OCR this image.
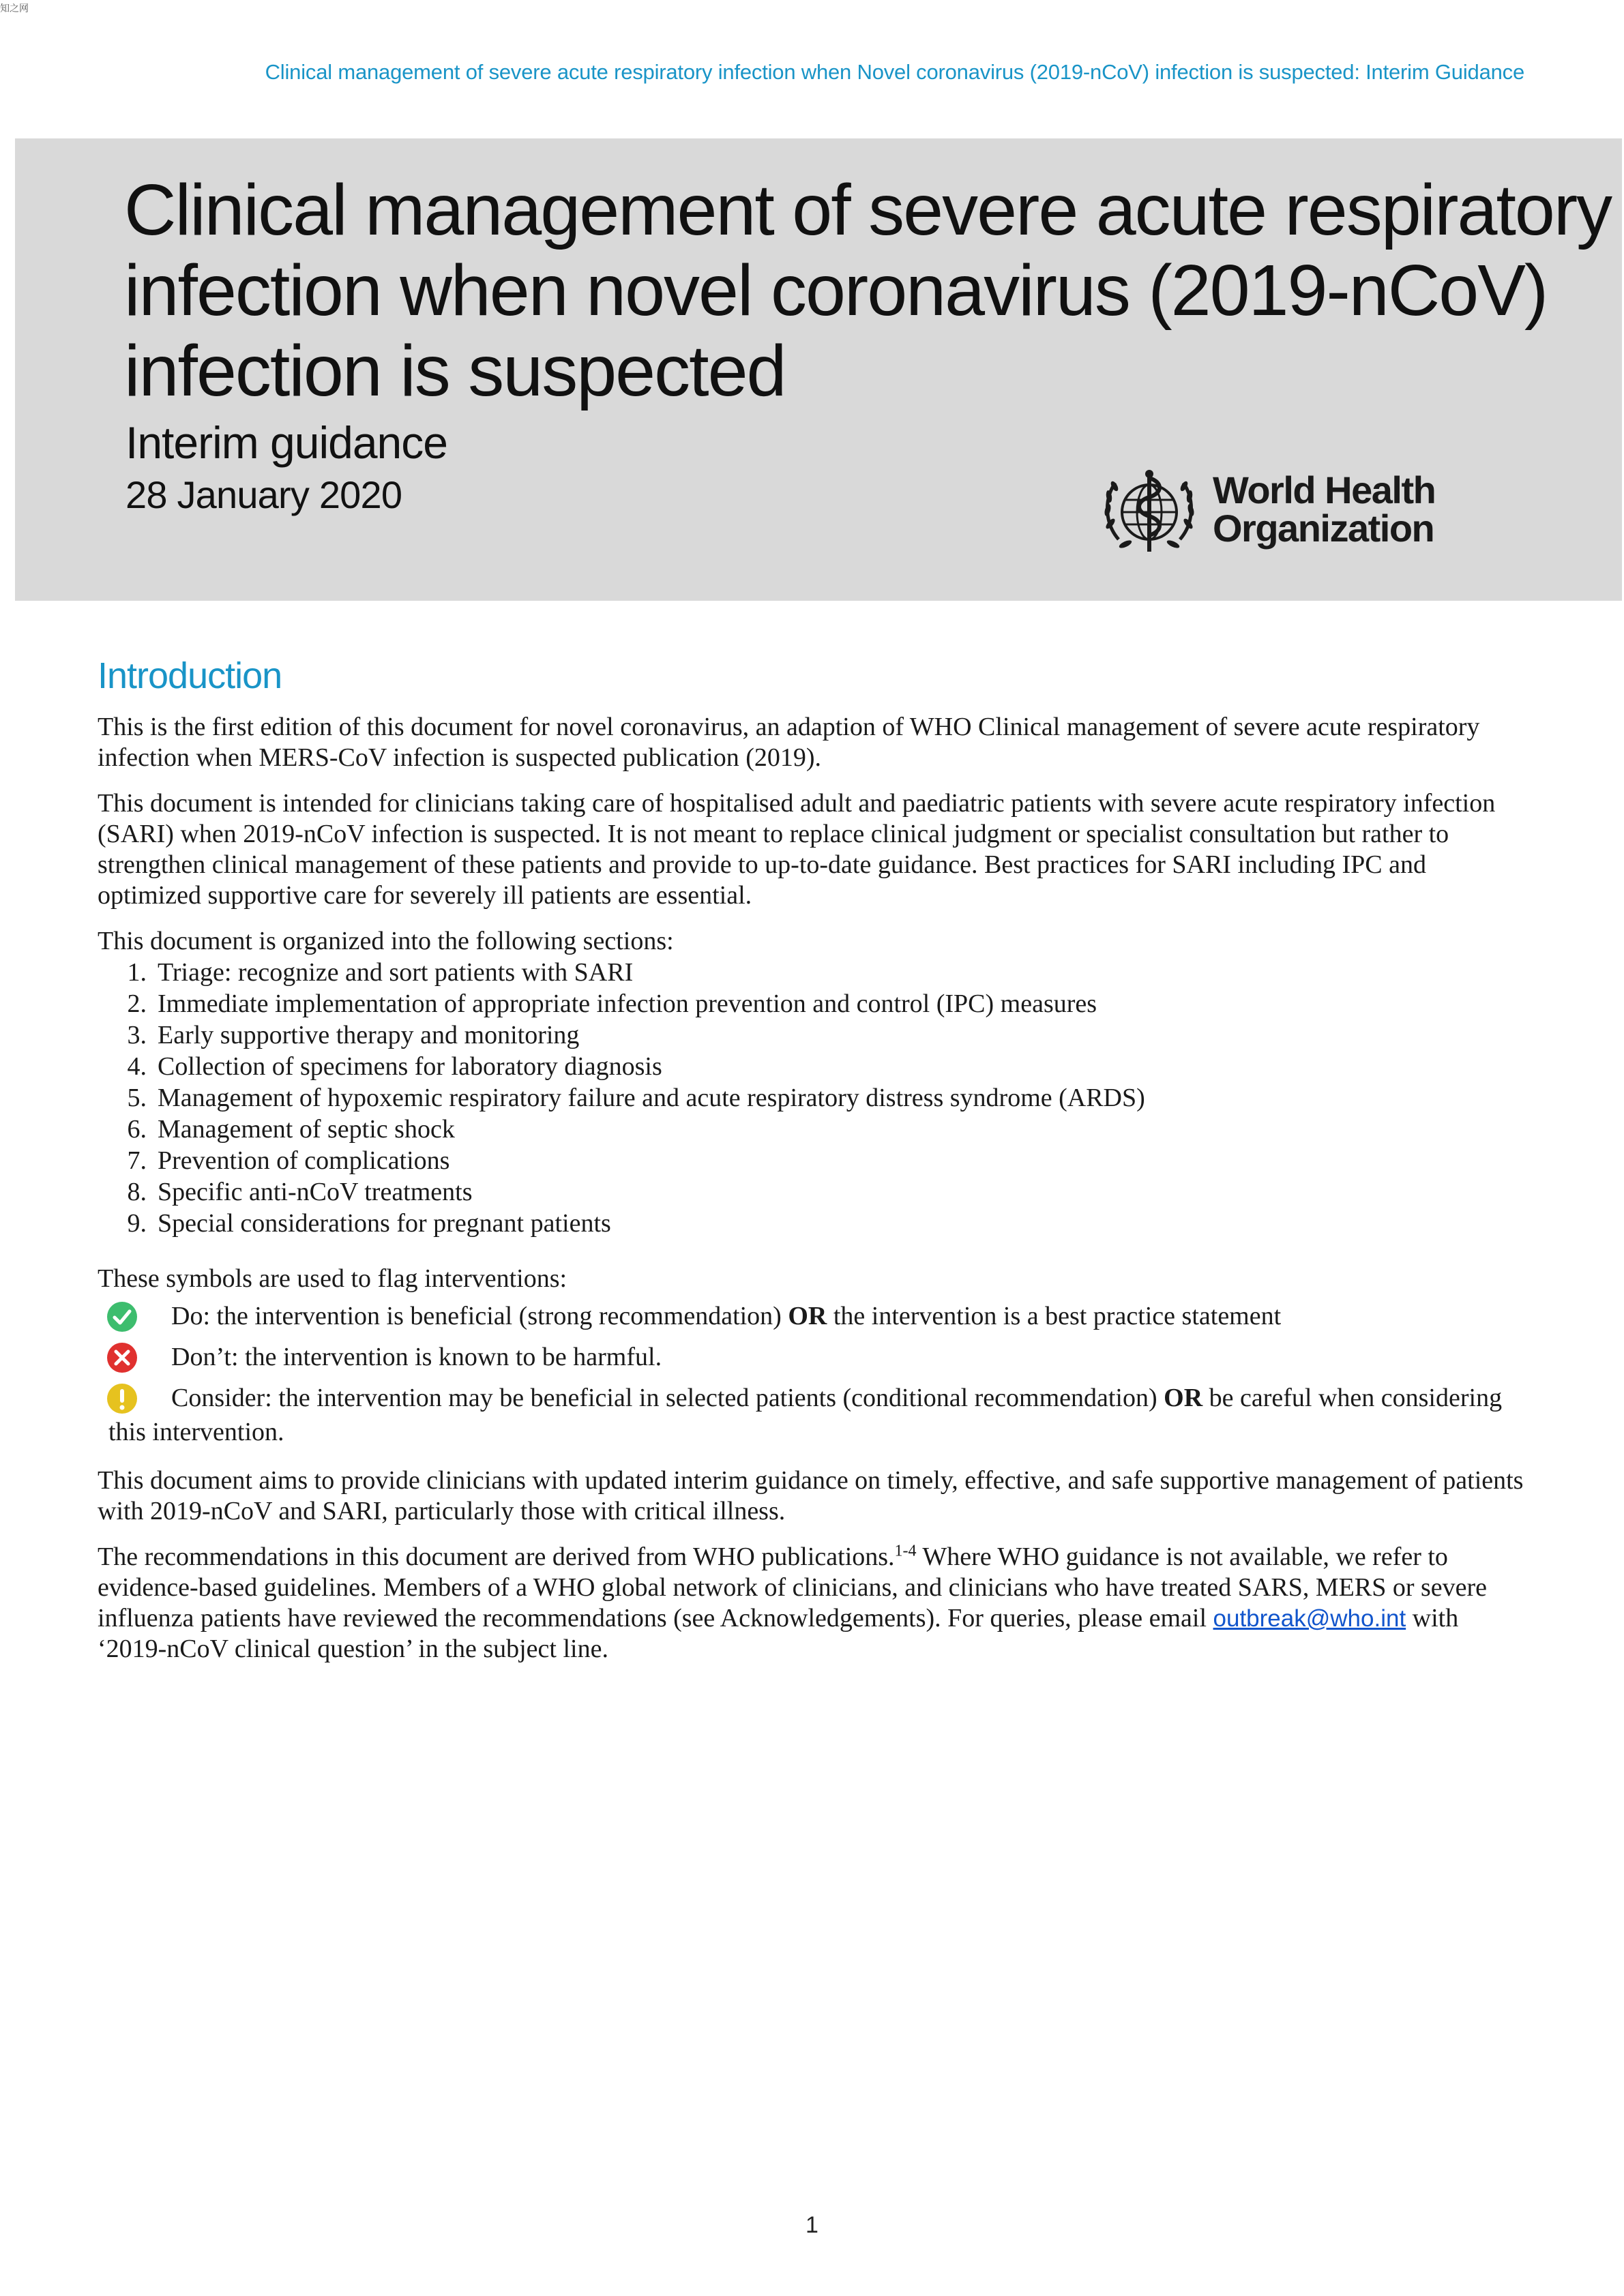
知之网
Clinical management of severe acute respiratory infection when Novel coronavirus (2019-nCoV) infection is suspected: Interim Guidance
Clinical management of severe acute respiratory
infection when novel coronavirus (2019-nCoV)
infection is suspected
Interim guidance
28 January 2020	World Health
Organization
Introduction

This is the first edition of this document for novel coronavirus, an adaption of WHO Clinical management of severe acute respiratory infection when MERS-CoV infection is suspected publication (2019).

This document is intended for clinicians taking care of hospitalised adult and paediatric patients with severe acute respiratory infection (SARI) when 2019-nCoV infection is suspected. It is not meant to replace clinical judgment or specialist consultation but rather to strengthen clinical management of these patients and provide to up-to-date guidance. Best practices for SARI including IPC and optimized supportive care for severely ill patients are essential.

This document is organized into the following sections:

1. Triage: recognize and sort patients with SARI
2. Immediate implementation of appropriate infection prevention and control (IPC) measures
3. Early supportive therapy and monitoring
4. Collection of specimens for laboratory diagnosis
5. Management of hypoxemic respiratory failure and acute respiratory distress syndrome (ARDS)
6. Management of septic shock
7. Prevention of complications
8. Specific anti-nCoV treatments
9. Special considerations for pregnant patients

These symbols are used to flag interventions:

Do: the intervention is beneficial (strong recommendation) OR the intervention is a best practice statement
Don’t: the intervention is known to be harmful.
Consider: the intervention may be beneficial in selected patients (conditional recommendation) OR be careful when considering this intervention.

This document aims to provide clinicians with updated interim guidance on timely, effective, and safe supportive management of patients with 2019-nCoV and SARI, particularly those with critical illness.

The recommendations in this document are derived from WHO publications.$^{1-4}$ Where WHO guidance is not available, we refer to evidence-based guidelines. Members of a WHO global network of clinicians, and clinicians who have treated SARS, MERS or severe influenza patients have reviewed the recommendations (see Acknowledgements). For queries, please email outbreak@who.int with ‘2019-nCoV clinical question’ in the subject line.

1
